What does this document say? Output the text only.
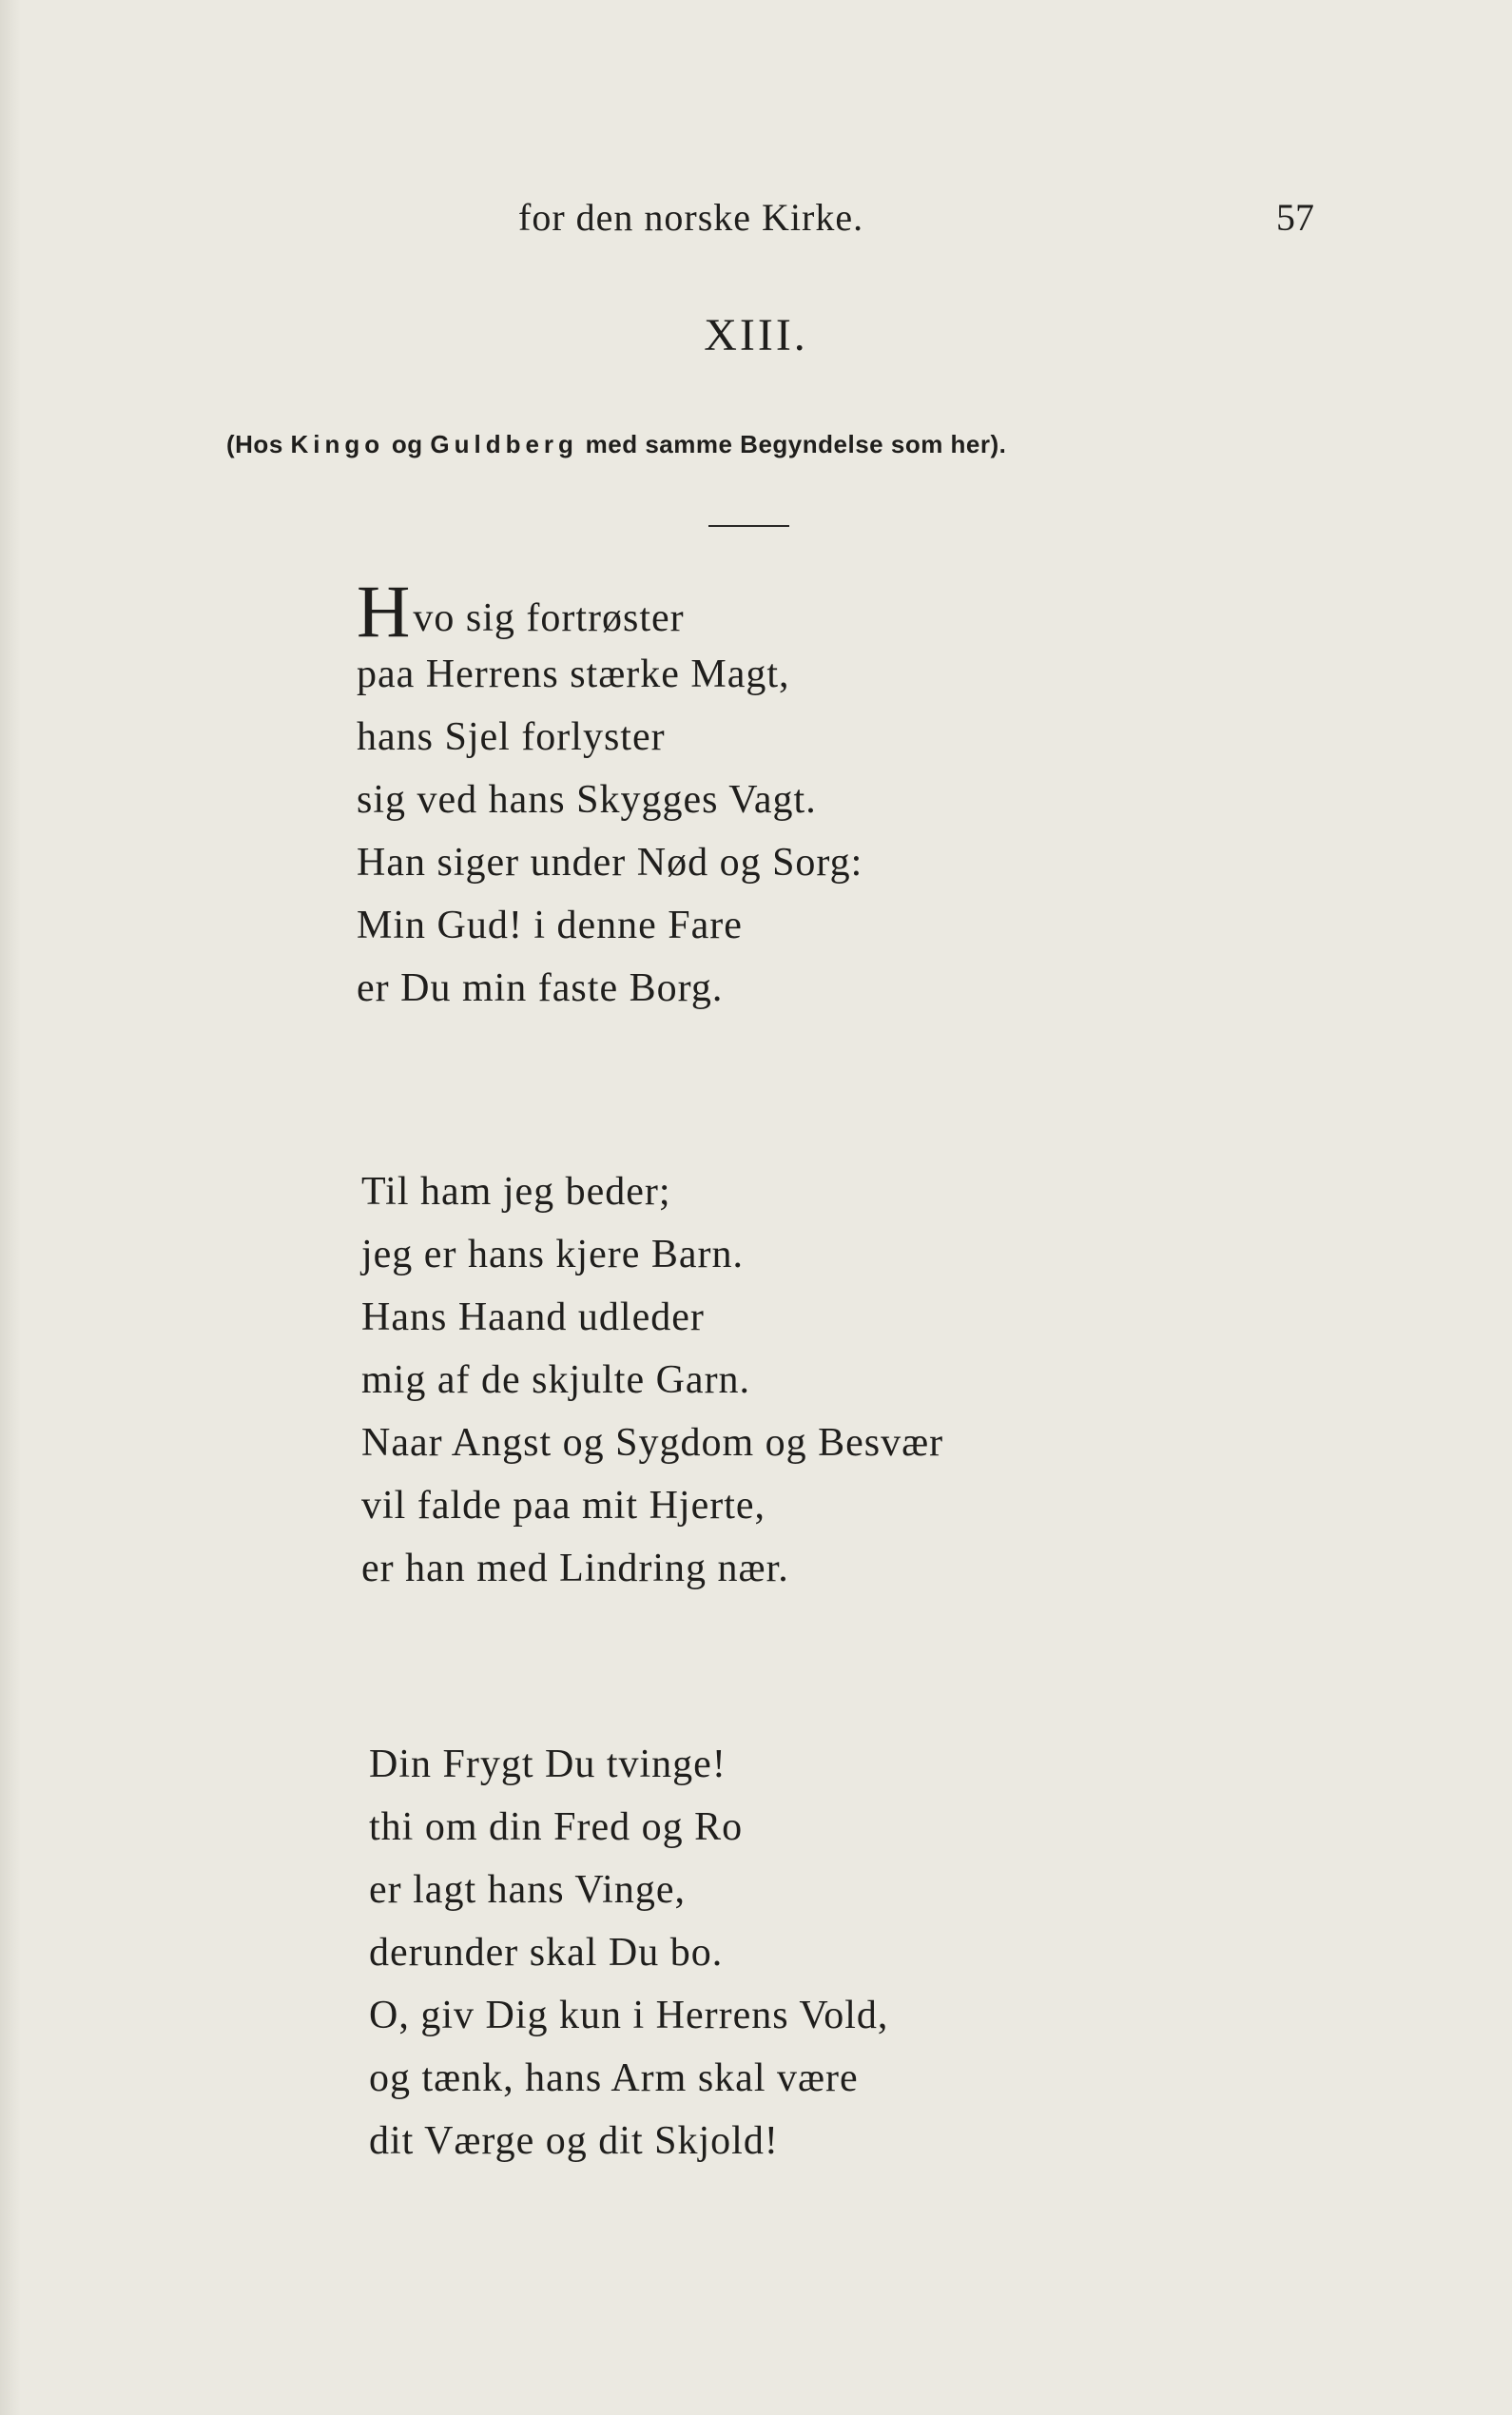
for den norske Kirke.	57
XIII.
(Hos Kingo og Guldberg med samme Begyndelse som her).
Hvo sig fortrøster
paa Herrens stærke Magt,
hans Sjel forlyster
sig ved hans Skygges Vagt.
Han siger under Nød og Sorg:
Min Gud! i denne Fare
er Du min faste Borg.
Til ham jeg beder;
jeg er hans kjere Barn.
Hans Haand udleder
mig af de skjulte Garn.
Naar Angst og Sygdom og Besvær
vil falde paa mit Hjerte,
er han med Lindring nær.
Din Frygt Du tvinge!
thi om din Fred og Ro
er lagt hans Vinge,
derunder skal Du bo.
O, giv Dig kun i Herrens Vold,
og tænk, hans Arm skal være
dit Værge og dit Skjold!
